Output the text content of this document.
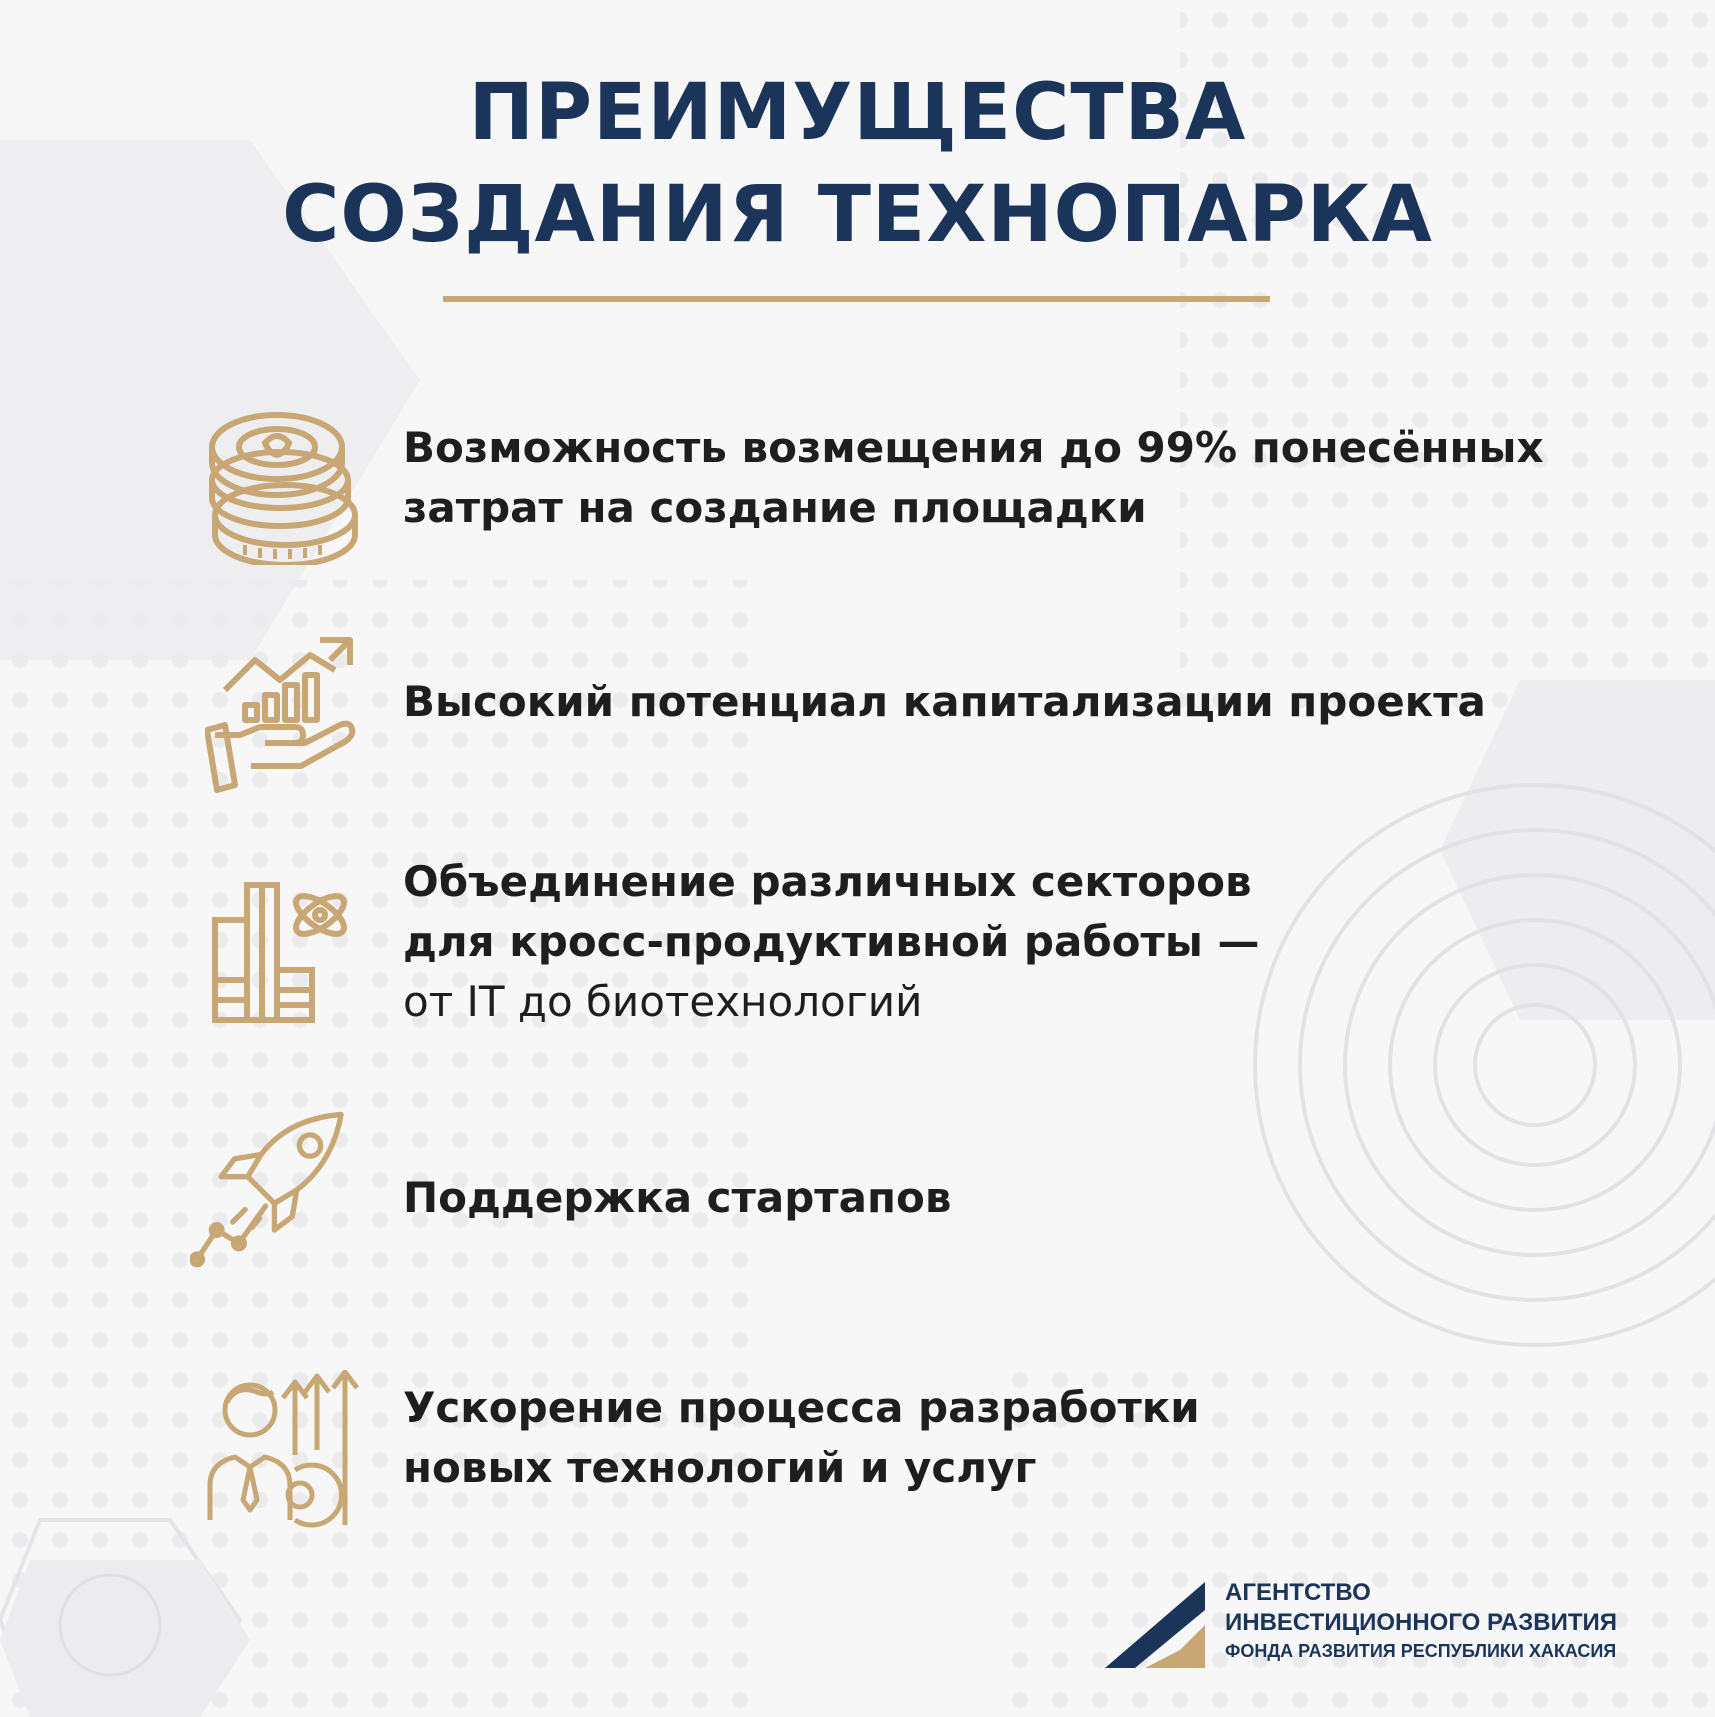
ПРЕИМУЩЕСТВА
СОЗДАНИЯ ТЕХНОПАРКА
Возможность возмещения до 99% понесённых
затрат на создание площадки
Высокий потенциал капитализации проекта
Объединение различных секторов
для кросс-продуктивной работы —
от IT до биотехнологий
Поддержка стартапов
Ускорение процесса разработки
новых технологий и услуг
АГЕНТСТВО
ИНВЕСТИЦИОННОГО РАЗВИТИЯ
ФОНДА РАЗВИТИЯ РЕСПУБЛИКИ ХАКАСИЯ
